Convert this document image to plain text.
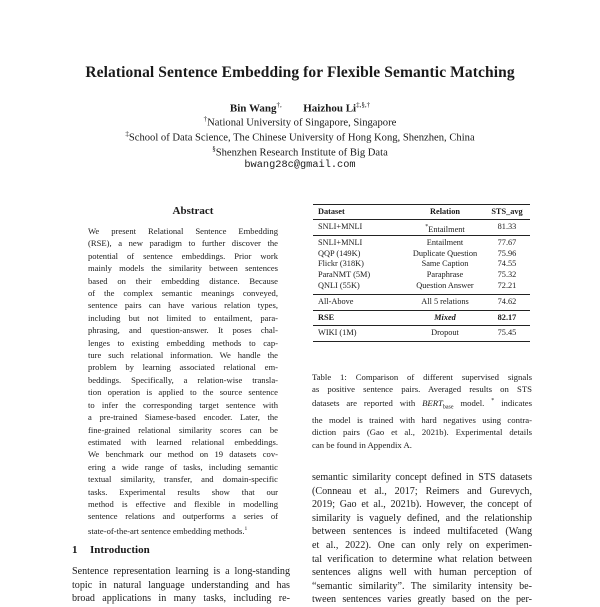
Relational Sentence Embedding for Flexible Semantic Matching
Bin Wang†, Haizhou Li‡,§,†
†National University of Singapore, Singapore
‡School of Data Science, The Chinese University of Hong Kong, Shenzhen, China
§Shenzhen Research Institute of Big Data
bwang28c@gmail.com
Abstract
We present Relational Sentence Embedding
(RSE), a new paradigm to further discover the
potential of sentence embeddings. Prior work
mainly models the similarity between sentences
based on their embedding distance. Because
of the complex semantic meanings conveyed,
sentence pairs can have various relation types,
including but not limited to entailment, para-
phrasing, and question-answer. It poses chal-
lenges to existing embedding methods to cap-
ture such relational information. We handle the
problem by learning associated relational em-
beddings. Specifically, a relation-wise transla-
tion operation is applied to the source sentence
to infer the corresponding target sentence with
a pre-trained Siamese-based encoder. Later, the
fine-grained relational similarity scores can be
estimated with learned relational embeddings.
We benchmark our method on 19 datasets cov-
ering a wide range of tasks, including semantic
textual similarity, transfer, and domain-specific
tasks. Experimental results show that our
method is effective and flexible in modelling
sentence relations and outperforms a series of
state-of-the-art sentence embedding methods.$^1$
1 Introduction
Sentence representation learning is a long-standing
topic in natural language understanding and has
broad applications in many tasks, including re-
Dataset	Relation	STS_avg
SNLI+MNLI	*Entailment	81.33
SNLI+MNLI	Entailment	77.67
QQP (149K)	Duplicate Question	75.96
Flickr (318K)	Same Caption	74.55
ParaNMT (5M)	Paraphrase	75.32
QNLI (55K)	Question Answer	72.21
All-Above	All 5 relations	74.62
RSE	Mixed	82.17
WIKI (1M)	Dropout	75.45
Table 1: Comparison of different supervised signals
as positive sentence pairs. Averaged results on STS
datasets are reported with $BERT_{base}$ model. * indicates
the model is trained with hard negatives using contra-
diction pairs (Gao et al., 2021b). Experimental details
can be found in Appendix A.
semantic similarity concept defined in STS datasets
(Conneau et al., 2017; Reimers and Gurevych,
2019; Gao et al., 2021b). However, the concept of
similarity is vaguely defined, and the relationship
between sentences is indeed multifaceted (Wang
et al., 2022). One can only rely on experimen-
tal verification to determine what relation between
sentences aligns well with human perception of
“semantic similarity”. The similarity intensity be-
tween sentences varies greatly based on the per-
